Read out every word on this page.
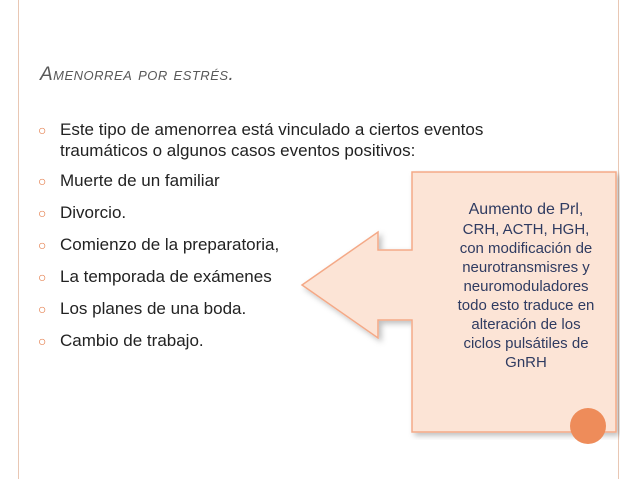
Amenorrea por estrés.
○ Este tipo de amenorrea está vinculado a ciertos eventos traumáticos o algunos casos eventos positivos:
○ Muerte de un familiar
○ Divorcio.
○ Comienzo de la preparatoria,
○ La temporada de exámenes
○ Los planes de una boda.
○ Cambio de trabajo.
Aumento de Prl,
CRH, ACTH, HGH,
con modificación de
neurotransmisres y
neuromoduladores
todo esto traduce en
alteración de los
ciclos pulsátiles de
GnRH
